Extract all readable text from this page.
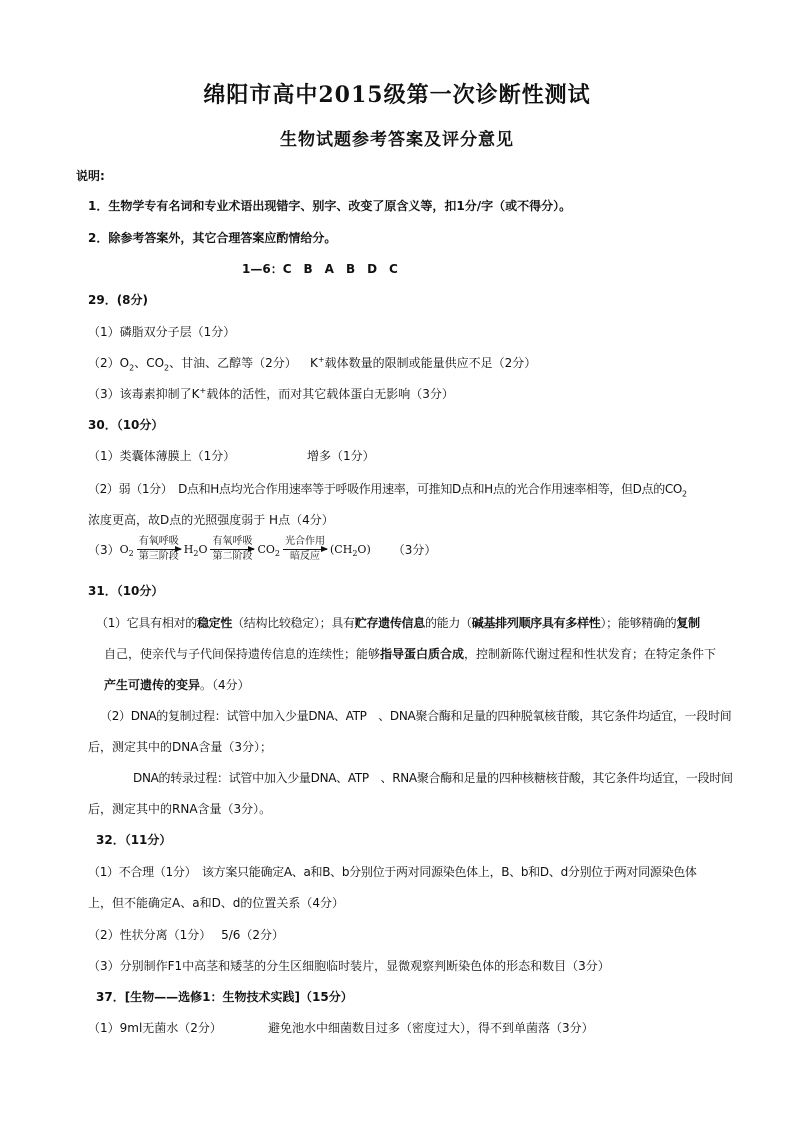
绵阳市高中2015级第一次诊断性测试
生物试题参考答案及评分意见
说明:
1．生物学专有名词和专业术语出现错字、别字、改变了原含义等，扣1分/字（或不得分）。
2．除参考答案外，其它合理答案应酌情给分。
1—6：C　B　A　B　D　C
29．(8分)
（1）磷脂双分子层（1分）
$(2)O_2$、$CO_2$、甘油、乙醇等（2分） K+载体数量的限制或能量供应不足（2分）
（3）该毒素抑制了K+载体的活性，而对其它载体蛋白无影响（3分）
30．（10分）
（1）类囊体薄膜上（1分）	增多（1分）
（2）弱（1分）　D点和H点均光合作用速率等于呼吸作用速率，可推知D点和H点的光合作用速率相等，但D点的$CO_2$
浓度更高，故D点的光照强度弱于 H点（4分）
（3） $O_2$
有氧呼吸
第三阶段
$H_2O$
有氧呼吸
第二阶段
$CO_2$
光合作用
暗反应
$(CH_2O)$ （3分）
31．（10分）
（1）它具有相对的稳定性（结构比较稳定）；具有贮存遗传信息的能力（碱基排列顺序具有多样性）；能够精确的复制
自己，使亲代与子代间保持遗传信息的连续性；能够指导蛋白质合成，控制新陈代谢过程和性状发育；在特定条件下
产生可遗传的变异。（4分）
（2）DNA的复制过程：试管中加入少量DNA、ATP　、DNA聚合酶和足量的四种脱氧核苷酸，其它条件均适宜，一段时间
后，测定其中的DNA含量（3分）；
DNA的转录过程：试管中加入少量DNA、ATP　、RNA聚合酶和足量的四种核糖核苷酸，其它条件均适宜，一段时间
后，测定其中的RNA含量（3分）。
32．（11分）
（1）不合理（1分）　该方案只能确定A、a和B、b分别位于两对同源染色体上，B、b和D、d分别位于两对同源染色体
上，但不能确定A、a和D、d的位置关系（4分）
（2）性状分离（1分）　 5/6（2分）
（3）分别制作F1中高茎和矮茎的分生区细胞临时装片，显微观察判断染色体的形态和数目（3分）
37．[生物——选修1：生物技术实践]（15分）
（1）9ml无菌水（2分）	避免池水中细菌数目过多（密度过大），得不到单菌落（3分）
